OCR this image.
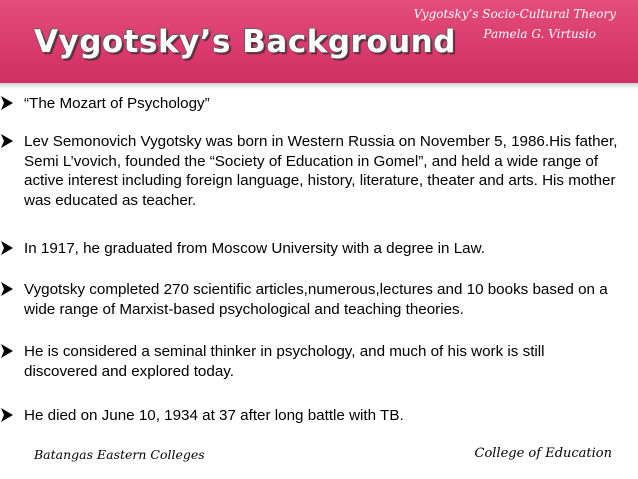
Vygotsky’s Background
Vygotsky’s Socio-Cultural Theory
Pamela G. Virtusio
“The Mozart of Psychology”
Lev Semonovich Vygotsky was born in Western Russia on November 5, 1986.His father, Semi L’vovich, founded the “Society of Education in Gomel”, and held a wide range of active interest including foreign language, history, literature, theater and arts. His mother was educated as teacher.
In 1917, he graduated from Moscow University with a degree in Law.
Vygotsky completed 270 scientific articles,numerous,lectures and 10 books based on a wide range of Marxist-based psychological and teaching theories.
He is considered a seminal thinker in psychology, and much of his work is still discovered and explored today.
He died on June 10, 1934 at 37 after long battle with TB.
Batangas Eastern Colleges	College of Education
